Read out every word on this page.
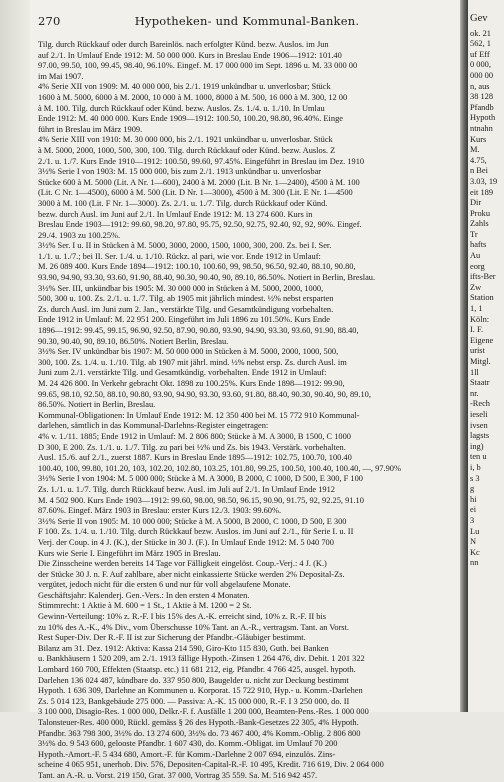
270	Hypotheken- und Kommunal-Banken.

Tilg. durch Rückkauf oder durch Bareinlös. nach erfolgter Künd. bezw. Auslos. im Jun

auf 2./1. In Umlauf Ende 1912: M. 50 000 000. Kurs in Breslau Ende 1906—1912: 101.40

97.00, 99.50, 100, 99.45, 98.40, 96.10%. Eingef. M. 17 000 000 im Sept. 1896 u. M. 33 000 00

im Mai 1907.

4% Serie XII von 1909: M. 40 000 000, bis 2./1. 1919 unkündbar u. unverlosbar; Stück

1600 à M. 5000, 6000 à M. 2000, 10 000 à M. 1000, 8000 à M. 500, 16 000 à M. 300, 12 00

à M. 100. Tilg. durch Rückkauf oder Künd. bezw. Auslos. Zs. 1./4. u. 1./10. In Umlau

Ende 1912: M. 40 000 000. Kurs Ende 1909—1912: 100.50, 100.20, 98.80, 96.40%. Einge

führt in Breslau im März 1909.

4% Serie XIII von 1910: M. 30 000 000, bis 2./1. 1921 unkündbar u. unverlosbar. Stück

à M. 5000, 2000, 1000, 500, 300, 100. Tilg. durch Rückkauf oder Künd. bezw. Auslos. Z

2./1. u. 1./7. Kurs Ende 1910—1912: 100.50, 99.60, 97.45%. Eingeführt in Breslau im Dez. 1910

3½% Serie I von 1903: M. 15 000 000, bis zum 2./1. 1913 unkündbar u. unverlosbar

Stücke 600 à M. 5000 (Lit. A Nr. 1—600), 2400 à M. 2000 (Lit. B Nr. 1—2400), 4500 à M. 100

(Lit. C Nr. 1—4500), 6000 à M. 500 (Lit. D Nr. 1—3000), 4500 à M. 300 (Lit. E Nr. 1—4500

3000 à M. 100 (Lit. F Nr. 1—3000). Zs. 2./1. u. 1./7. Tilg. durch Rückkauf oder Künd.

bezw. durch Ausl. im Juni auf 2./1. In Umlauf Ende 1912: M. 13 274 600. Kurs in

Breslau Ende 1903—1912: 99.60, 98.20, 97.80, 95.75, 92.50, 92.75, 92.40, 92, 92, 90%. Eingef.

29./4. 1903 zu 100.25%.

3½% Ser. I u. II in Stücken à M. 5000, 3000, 2000, 1500, 1000, 300, 200. Zs. bei I. Ser.

1./1. u. 1./7.; bei II. Ser. 1./4. u. 1./10. Rückz. al pari, wie vor. Ende 1912 in Umlauf:

M. 26 089 400. Kurs Ende 1894—1912: 100.10, 100.60, 99, 98.50, 96.50, 92.40, 88.10, 90.80,

93.90, 94.90, 93.30, 93.60, 91.90, 88.40, 90.30, 90.40, 90, 89.10, 86.50%. Notiert in Berlin, Breslau.

3½% Ser. III, unkündbar bis 1905: M. 30 000 000 in Stücken à M. 5000, 2000, 1000,

500, 300 u. 100. Zs. 2./1. u. 1./7. Tilg. ab 1905 mit jährlich mindest. ½% nebst ersparten

Zs. durch Ausl. im Juni zum 2. Jan., verstärkte Tilg. und Gesamtkündigung vorbehalten.

Ende 1912 in Umlauf: M. 22 951 200. Eingeführt im Juli 1896 zu 101.50%. Kurs Ende

1896—1912: 99.45, 99.15, 96.90, 92.50, 87.90, 90.80, 93.90, 94.90, 93.30, 93.60, 91.90, 88.40,

90.30, 90.40, 90, 89.10, 86.50%. Notiert Berlin, Breslau.

3½% Ser. IV unkündbar bis 1907: M. 50 000 000 in Stücken à M. 5000, 2000, 1000, 500,

300, 100. Zs. 1./4. u. 1./10. Tilg. ab 1907 mit jährl. mind. ½% nebst ersp. Zs. durch Ausl. im

Juni zum 2./1. verstärkte Tilg. und Gesamtkündig. vorbehalten. Ende 1912 in Umlauf:

M. 24 426 800. In Verkehr gebracht Okt. 1898 zu 100.25%. Kurs Ende 1898—1912: 99.90,

99.65, 98.10, 92.50, 88.10, 90.80, 93.90, 94.90, 93.30, 93.60, 91.80, 88.40, 90.30, 90.40, 90, 89.10,

86.50%. Notiert in Berlin, Breslau.

Kommunal-Obligationen: In Umlauf Ende 1912: M. 12 350 400 bei M. 15 772 910 Kommunal-

darlehen, sämtlich in das Kommunal-Darlehns-Register eingetragen:

4% v. 1./11. 1885; Ende 1912 in Umlauf: M. 2 806 800; Stücke à M. A 3000, B 1500, C 1000

D 300, E 200. Zs. 1./1. u. 1./7. Tilg. zu pari bei ½% und Zs. bis 1943. Verstärk. vorbehalten.

Ausl. 15./6. auf 2./1., zuerst 1887. Kurs in Breslau Ende 1895—1912: 102.75, 100.70, 100.40

100.40, 100, 99.80, 101.20, 103, 102.20, 102.80, 103.25, 101.80, 99.25, 100.50, 100.40, 100.40, —, 97.90%

3½% Serie I von 1904: M. 5 000 000; Stücke à M. A 3000, B 2000, C 1000, D 500, E 300, F 100

Zs. 1./1. u. 1./7. Tilg. durch Rückkauf bezw. Ausl. im Juli auf 2./1. In Umlauf Ende 1912

M. 4 502 900. Kurs Ende 1903—1912: 99.60, 98.00, 98.50, 96.15, 90.90, 91.75, 92, 92.25, 91.10

87.60%. Eingef. März 1903 in Breslau: erster Kurs 12./3. 1903: 99.60%.

3½% Serie II von 1905: M. 10 000 000; Stücke à M. A 5000, B 2000, C 1000, D 500, E 300

F 100. Zs. 1./4. u. 1./10. Tilg. durch Rückkauf bezw. Auslos. im Juni auf 2./1., für Serie I. u. II

Verj. der Coup. in 4 J. (K.), der Stücke in 30 J. (F.). In Umlauf Ende 1912: M. 5 040 700

Kurs wie Serie I. Eingeführt im März 1905 in Breslau.

Die Zinsscheine werden bereits 14 Tage vor Fälligkeit eingelöst. Coup.-Verj.: 4 J. (K.)

der Stücke 30 J. n. F. Auf zahlbare, aber nicht einkassierte Stücke werden 2% Deposital-Zs.

vergütet, jedoch nicht für die ersten 6 und nur für voll abgelaufene Monate.

Geschäftsjahr: Kalenderj. Gen.-Vers.: In den ersten 4 Monaten.

Stimmrecht: 1 Aktie à M. 600 = 1 St., 1 Aktie à M. 1200 = 2 St.

Gewinn-Verteilung: 10% z. R.-F. I bis 15% des A.-K. erreicht sind, 10% z. R.-F. II bis

zu 10% des A.-K., 4% Div., vom Überschusse 10% Tant. an A.-R., vertragsm. Tant. an Vorst.

Rest Super-Div. Der R.-F. II ist zur Sicherung der Pfandbr.-Gläubiger bestimmt.

Bilanz am 31. Dez. 1912: Aktiva: Kassa 214 590, Giro-Kto 115 830, Guth. bei Banken

u. Bankhäusern 1 520 209, am 2./1. 1913 fällige Hypoth.-Zinsen 1 264 476, div. Debit. 1 201 322

Lombard 160 700, Effekten (Staatsp. etc.) 11 681 212, eig. Pfandbr. 4 766 425, ausgel. hypoth.

Darlehen 136 024 487, kündbare do. 337 950 800, Baugelder u. nicht zur Deckung bestimmt

Hypoth. 1 636 309, Darlehne an Kommunen u. Korporat. 15 722 910, Hyp.- u. Komm.-Darlehen

Zs. 5 014 123, Bankgebäude 275 000. — Passiva: A.-K. 15 000 000, R.-F. I 3 250 000, do. II

3 100 000, Disagio-Res. 1 000 000, Delkr.-F. f. Ausfälle 1 200 000, Beamten-Pens.-Res. 1 000 000

Talonsteuer-Res. 400 000, Rückl. gemäss § 26 des Hypoth.-Bank-Gesetzes 22 305, 4% Hypoth.

Pfandbr. 363 798 300, 3½% do. 13 274 600, 3½% do. 73 467 400, 4% Komm.-Oblig. 2 806 800

3½% do. 9 543 600, gelooste Pfandbr. 1 607 430, do. Komm.-Obligat. im Umlauf 70 200

Hypoth.-Amort.-F. 5 434 680, Amort.-F. für Komm.-Darlehne 2 007 694, einzulös. Zins-

scheine 4 065 951, unerhob. Div. 576, Depositen-Capital-R.-F. 10 495, Kredit. 716 619, Div. 2 064 000

Tant. an A.-R. u. Vorst. 219 150, Grat. 37 000, Vortrag 35 559. Sa. M. 516 942 457.

Gev

ok. 21

562, 1

uf Eff

0 000,

000 00

n, aus

38 128

Pfandb

Hypoth

ntnahn

Kurs

M.

4.75,

n Bei

3.03, 19

eit 189

Dir

Proku

Zahls

Tr

hafts

Au

eorg

ifts-Ber

Zw

Station

1, 1

Köln:

I. F.

Eigene

urist

Mitgl.

1ll

Staatr

nr.

-Rech

ieseli

ivsen

lagsts

ing)

ten u

i, b

s 3

g

hi

ei

3

Lu

N

Kc

nn
